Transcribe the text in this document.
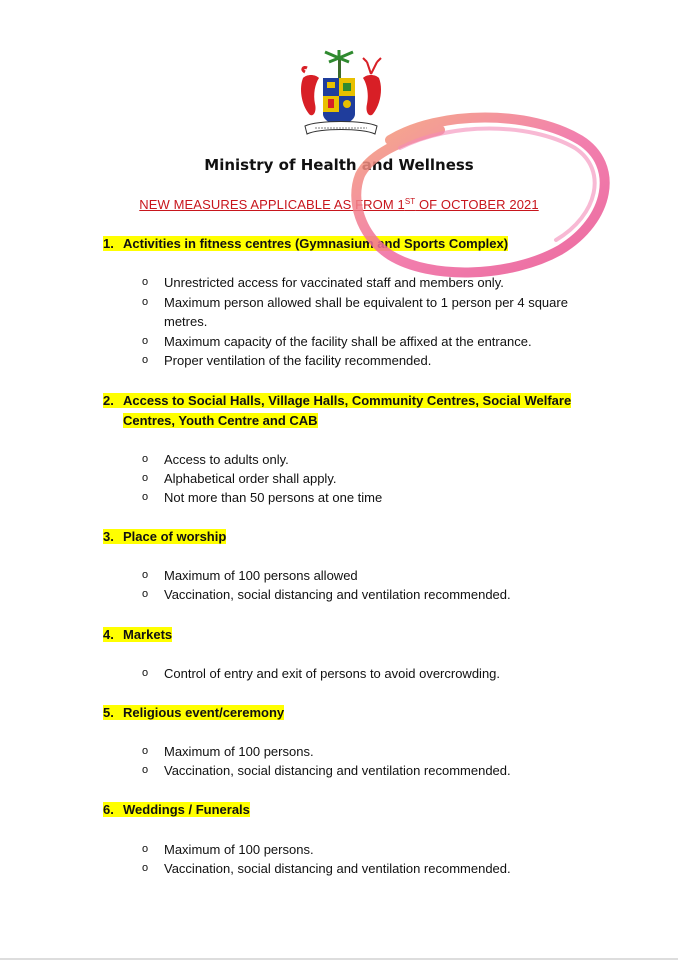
Ministry of Health and Wellness
NEW MEASURES APPLICABLE AS FROM 1ST OF OCTOBER 2021
1. Activities in fitness centres (Gymnasium and Sports Complex)
o Unrestricted access for vaccinated staff and members only.
o Maximum person allowed shall be equivalent to 1 person per 4 square
metres.
o Maximum capacity of the facility shall be affixed at the entrance.
o Proper ventilation of the facility recommended.
2. Access to Social Halls, Village Halls, Community Centres, Social Welfare
Centres, Youth Centre and CAB
o Access to adults only.
o Alphabetical order shall apply.
o Not more than 50 persons at one time
3. Place of worship
o Maximum of 100 persons allowed
o Vaccination, social distancing and ventilation recommended.
4. Markets
o Control of entry and exit of persons to avoid overcrowding.
5. Religious event/ceremony
o Maximum of 100 persons.
o Vaccination, social distancing and ventilation recommended.
6. Weddings / Funerals
o Maximum of 100 persons.
o Vaccination, social distancing and ventilation recommended.
